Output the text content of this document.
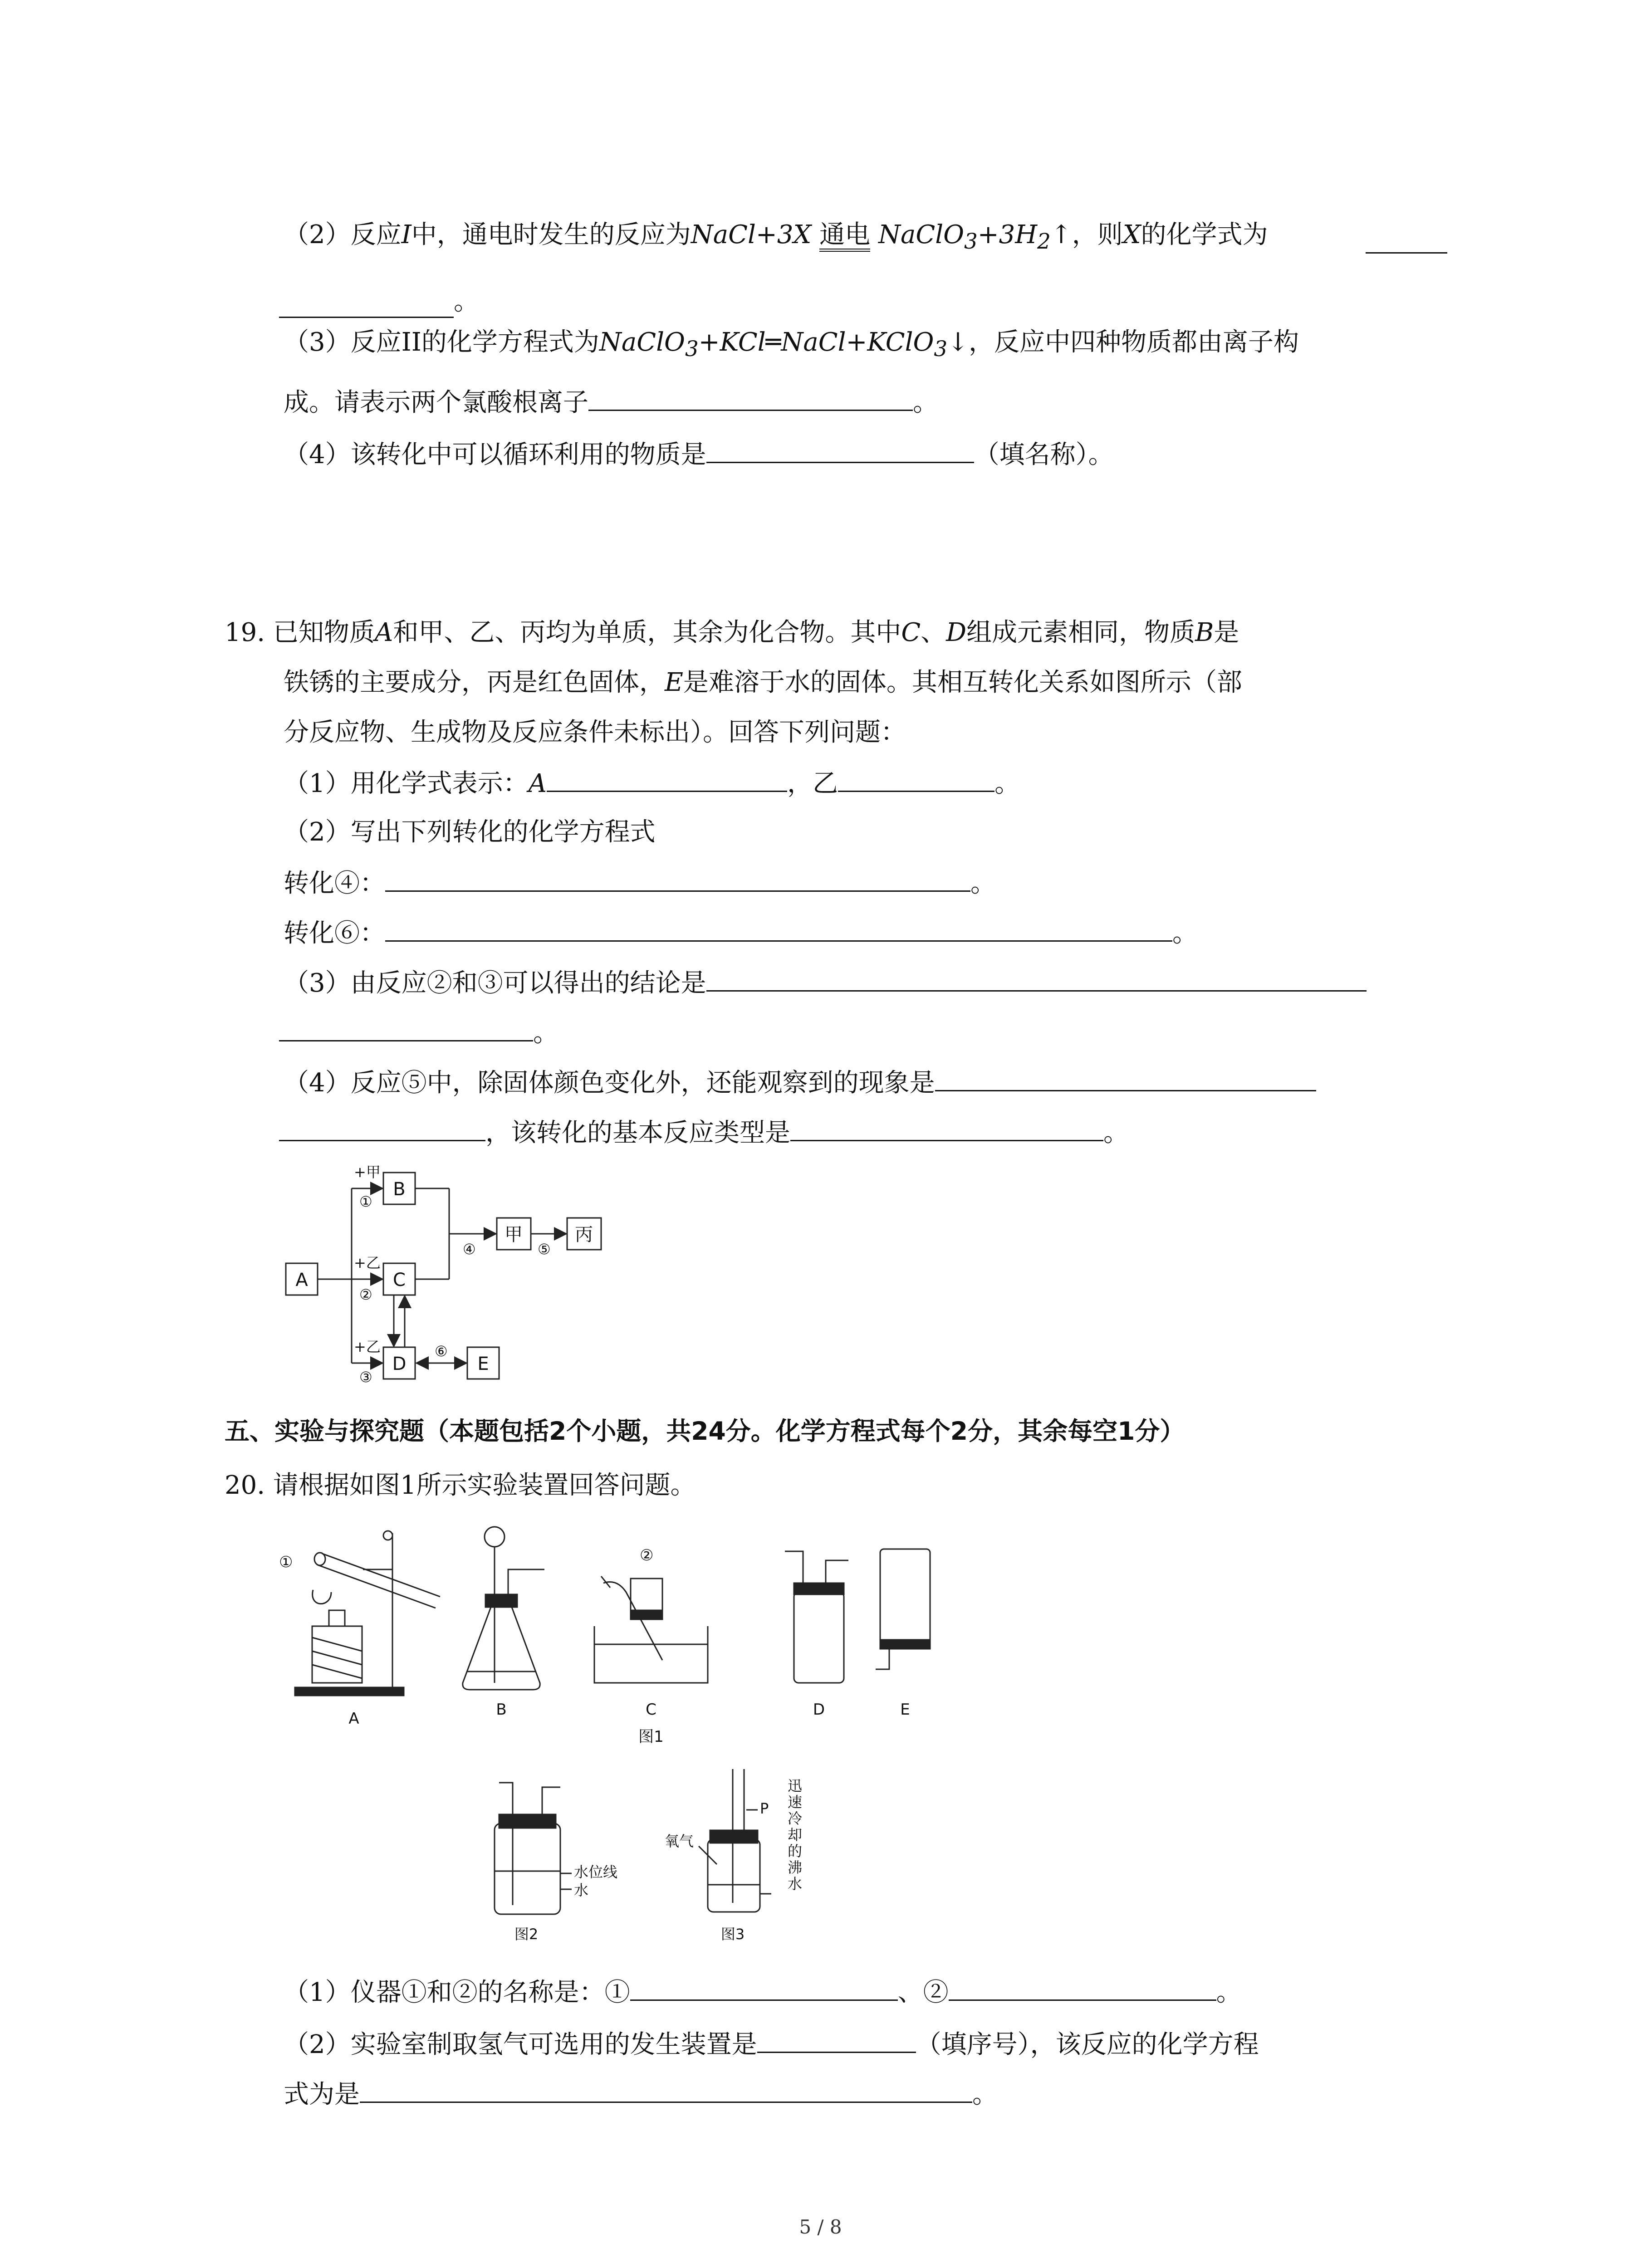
（2）反应I中，通电时发生的反应为NaCl+3X 通电 $NaClO_3+3H_2↑$，则X的化学式为
。
（3）反应II的化学方程式为NaClO$_3$+KCl═NaCl+KClO$_3$↓，反应中四种物质都由离子构
成。请表示两个氯酸根离子	。
（4）该转化中可以循环利用的物质是	（填名称）。
19. 已知物质A和甲、乙、丙均为单质，其余为化合物。其中C、D组成元素相同，物质B是
铁锈的主要成分，丙是红色固体，E是难溶于水的固体。其相互转化关系如图所示（部
分反应物、生成物及反应条件未标出）。回答下列问题：
（1）用化学式表示：A	，乙	。
（2）写出下列转化的化学方程式
转化④：	。
转化⑥：	。
（3）由反应②和③可以得出的结论是
。
（4）反应⑤中，除固体颜色变化外，还能观察到的现象是
，该转化的基本反应类型是	。
A
B
C
D	E
甲	丙
+甲
①
+乙
②
+乙
③
④	⑤
⑥
五、实验与探究题（本题包括2个小题，共24分。化学方程式每个2分，其余每空1分）
20. 请根据如图1所示实验装置回答问题。
①	②
A	B	C	D	E
图1
水位线
水
图2
氧气
P
图3
迅速冷却的沸水
（1）仪器①和②的名称是：①	、②	。
（2）实验室制取氢气可选用的发生装置是	（填序号），该反应的化学方程
式为是	。
5 / 8
